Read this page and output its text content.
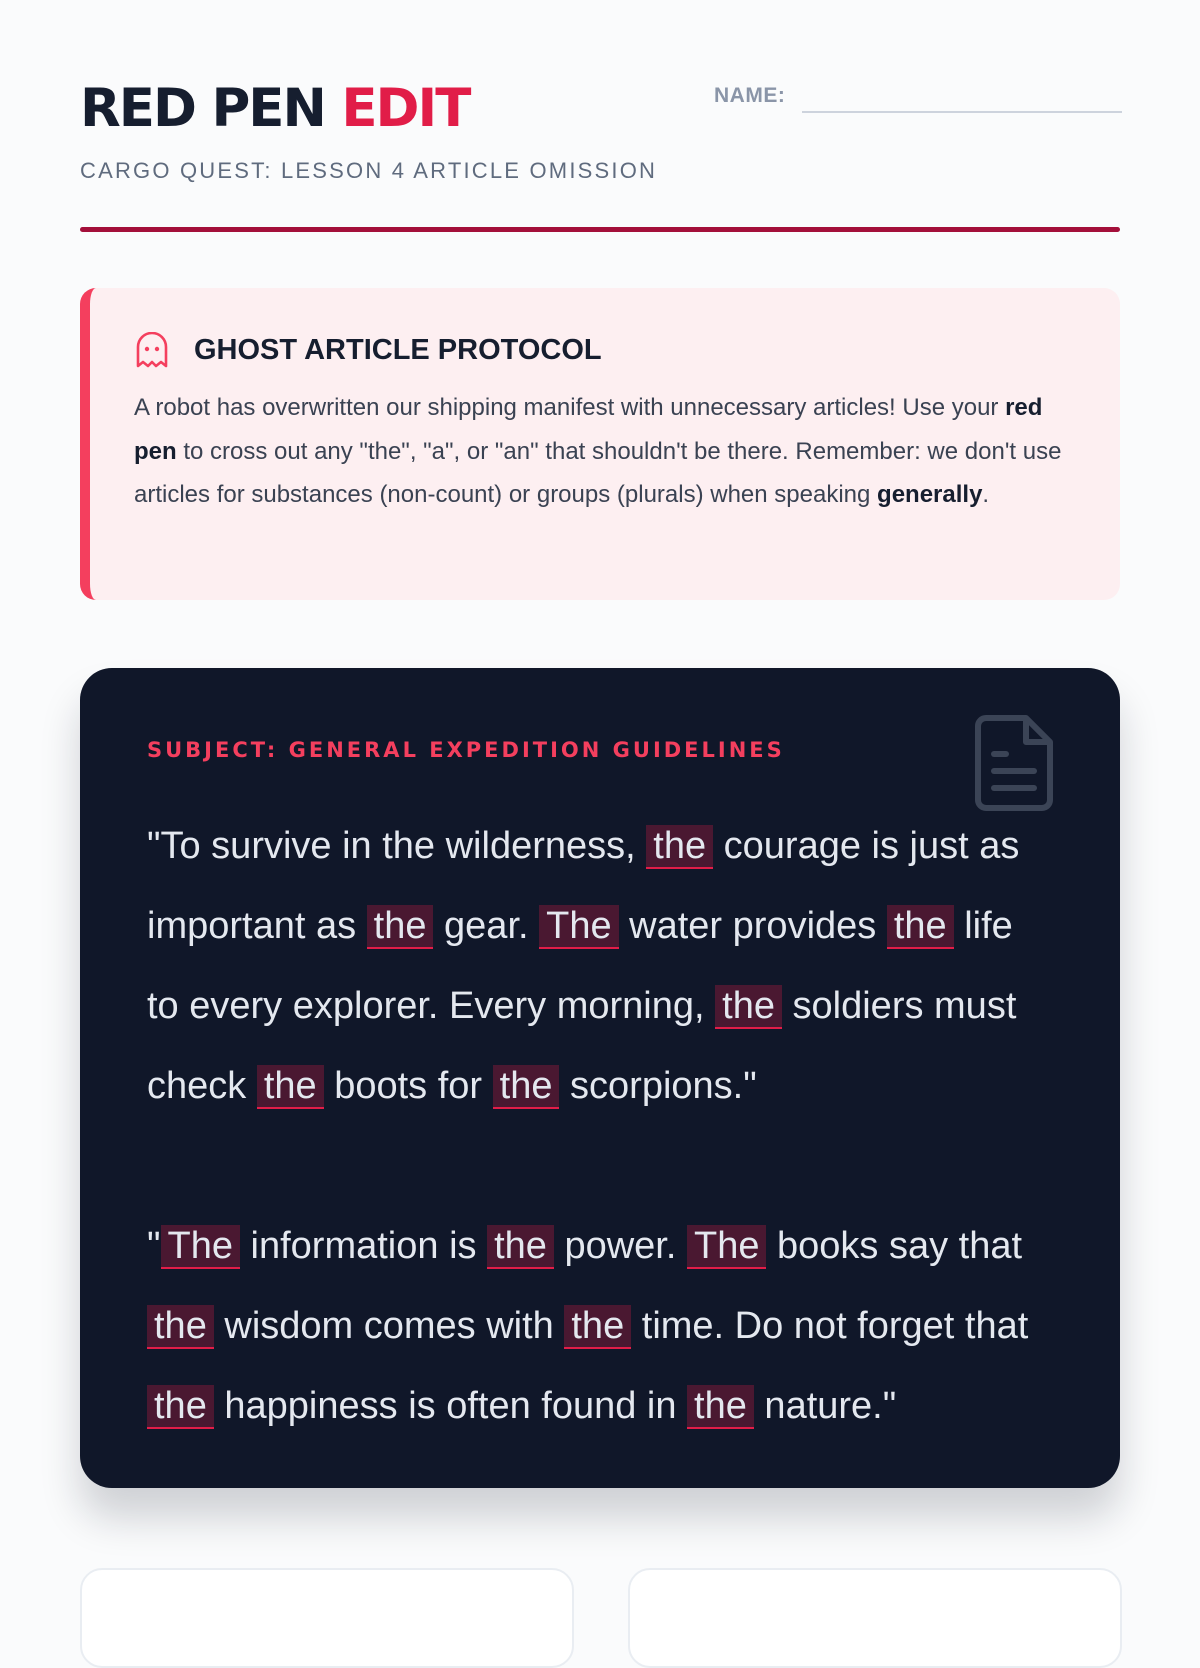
RED PEN EDIT
CARGO QUEST: LESSON 4 ARTICLE OMISSION
NAME:
GHOST ARTICLE PROTOCOL

A robot has overwritten our shipping manifest with unnecessary articles! Use your red pen to cross out any "the", "a", or "an" that shouldn't be there. Remember: we don't use articles for substances (non-count) or groups (plurals) when speaking generally.

SUBJECT: GENERAL EXPEDITION GUIDELINES

"To survive in the wilderness, the courage is just as important as the gear. The water provides the life to every explorer. Every morning, the soldiers must check the boots for the scorpions."

" The information is the power. The books say that the wisdom comes with the time. Do not forget that the happiness is often found in the nature."
